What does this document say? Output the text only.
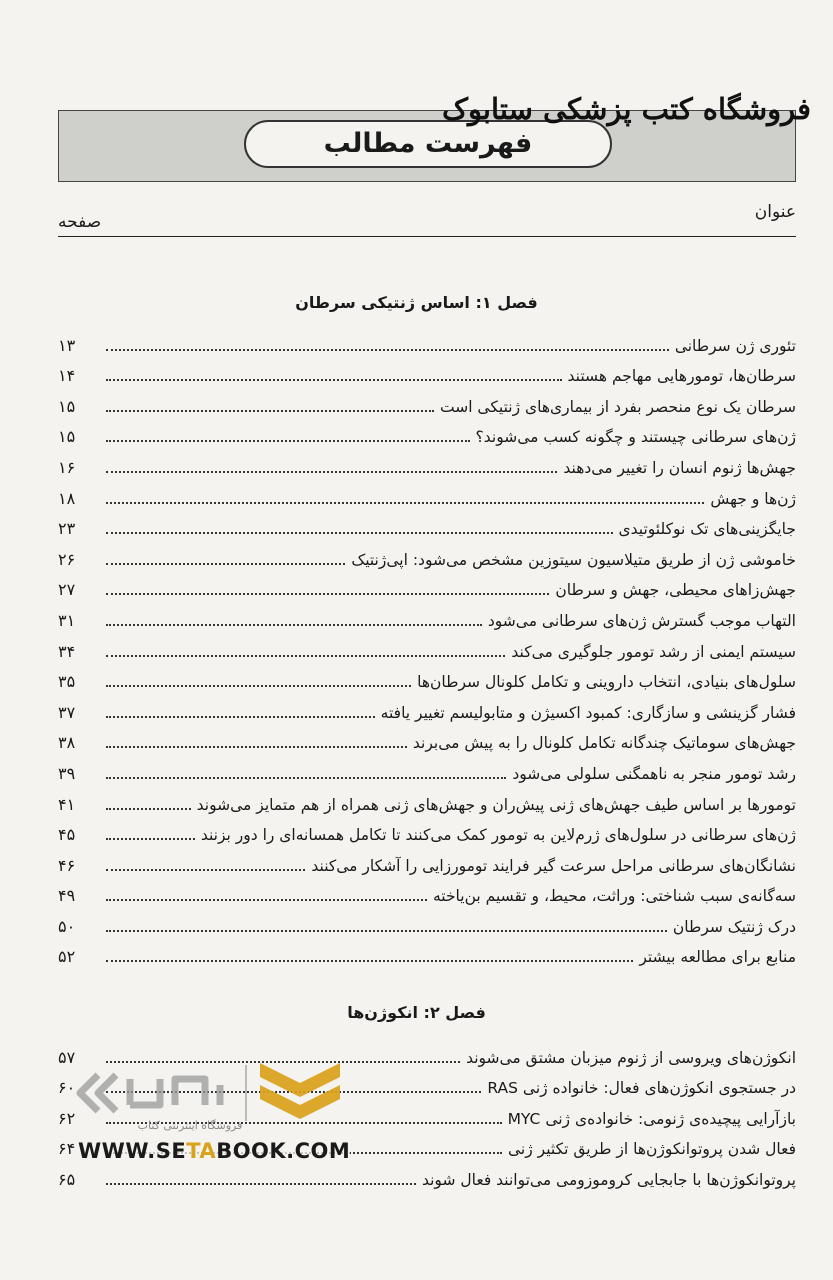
فروشگاه کتب پزشکی ستابوک
فهرست مطالب
عنوان
صفحه
فصل ۱: اساس ژنتیکی سرطان
تئوری ژن سرطانی
۱۳
سرطان‌ها، تومورهایی مهاجم هستند
۱۴
سرطان یک نوع منحصر بفرد از بیماری‌های ژنتیکی است
۱۵
ژن‌های سرطانی چیستند و چگونه کسب می‌شوند؟
۱۵
جهش‌ها ژنوم انسان را تغییر می‌دهند
۱۶
ژن‌ها و جهش
۱۸
جایگزینی‌های تک نوکلئوتیدی
۲۳
خاموشی ژن از طریق متیلاسیون سیتوزین مشخص می‌شود: اپی‌ژنتیک
۲۶
جهش‌زاهای محیطی، جهش و سرطان
۲۷
التهاب موجب گسترش ژن‌های سرطانی می‌شود
۳۱
سیستم ایمنی از رشد تومور جلوگیری می‌کند
۳۴
سلول‌های بنیادی، انتخاب داروینی و تکامل کلونال سرطان‌ها
۳۵
فشار گزینشی و سازگاری: کمبود اکسیژن و متابولیسم تغییر یافته
۳۷
جهش‌های سوماتیک چندگانه تکامل کلونال را به پیش می‌برند
۳۸
رشد تومور منجر به ناهمگنی سلولی می‌شود
۳۹
تومورها بر اساس طیف جهش‌های ژنی پیش‌ران و جهش‌های ژنی همراه از هم متمایز می‌شوند
۴۱
ژن‌های سرطانی در سلول‌های ژرم‌لاین به تومور کمک می‌کنند تا تکامل همسانه‌ای را دور بزنند
۴۵
نشانگان‌های سرطانی مراحل سرعت گیر فرایند تومورزایی را آشکار می‌کنند
۴۶
سه‌گانه‌ی سبب شناختی: وراثت، محیط، و تقسیم بن‌یاخته
۴۹
درک ژنتیک سرطان
۵۰
منابع برای مطالعه بیشتر
۵۲
فصل ۲: انکوژن‌ها
انکوژن‌های ویروسی از ژنوم میزبان مشتق می‌شوند
۵۷
در جستجوی انکوژن‌های فعال: خانواده ژنی RAS
۶۰
بازآرایی پیچیده‌ی ژنومی: خانواده‌ی ژنی MYC
۶۲
فعال شدن پروتوانکوژن‌ها از طریق تکثیر ژنی
۶۴
پروتوانکوژن‌ها با جابجایی کروموزومی می‌توانند فعال شوند
۶۵
فروشگاه اینترنتی کتاب
WWW.SETABOOK.COM
